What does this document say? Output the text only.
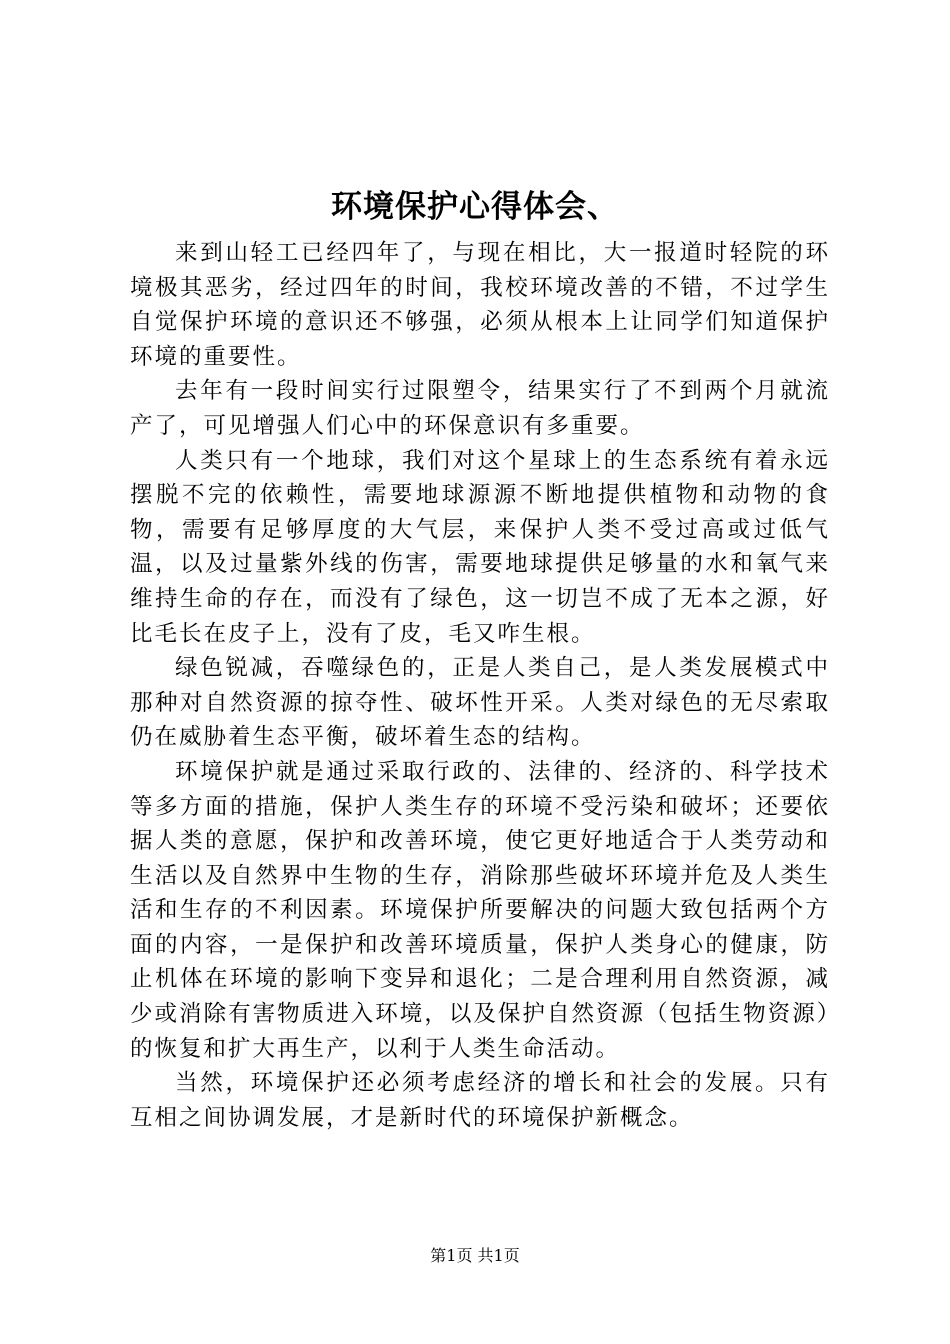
环境保护心得体会、

来到山轻工已经四年了，与现在相比，大一报道时轻院的环境极其恶劣，经过四年的时间，我校环境改善的不错，不过学生自觉保护环境的意识还不够强，必须从根本上让同学们知道保护环境的重要性。

去年有一段时间实行过限塑令，结果实行了不到两个月就流产了，可见增强人们心中的环保意识有多重要。

人类只有一个地球，我们对这个星球上的生态系统有着永远摆脱不完的依赖性，需要地球源源不断地提供植物和动物的食物，需要有足够厚度的大气层，来保护人类不受过高或过低气温，以及过量紫外线的伤害，需要地球提供足够量的水和氧气来维持生命的存在，而没有了绿色，这一切岂不成了无本之源，好比毛长在皮子上，没有了皮，毛又咋生根。

绿色锐减，吞噬绿色的，正是人类自己，是人类发展模式中那种对自然资源的掠夺性、破坏性开采。人类对绿色的无尽索取仍在威胁着生态平衡，破坏着生态的结构。

环境保护就是通过采取行政的、法律的、经济的、科学技术等多方面的措施，保护人类生存的环境不受污染和破坏；还要依据人类的意愿，保护和改善环境，使它更好地适合于人类劳动和生活以及自然界中生物的生存，消除那些破坏环境并危及人类生活和生存的不利因素。环境保护所要解决的问题大致包括两个方面的内容，一是保护和改善环境质量，保护人类身心的健康，防止机体在环境的影响下变异和退化；二是合理利用自然资源，减少或消除有害物质进入环境，以及保护自然资源（包括生物资源）的恢复和扩大再生产，以利于人类生命活动。

当然，环境保护还必须考虑经济的增长和社会的发展。只有互相之间协调发展，才是新时代的环境保护新概念。

第1页 共1页
